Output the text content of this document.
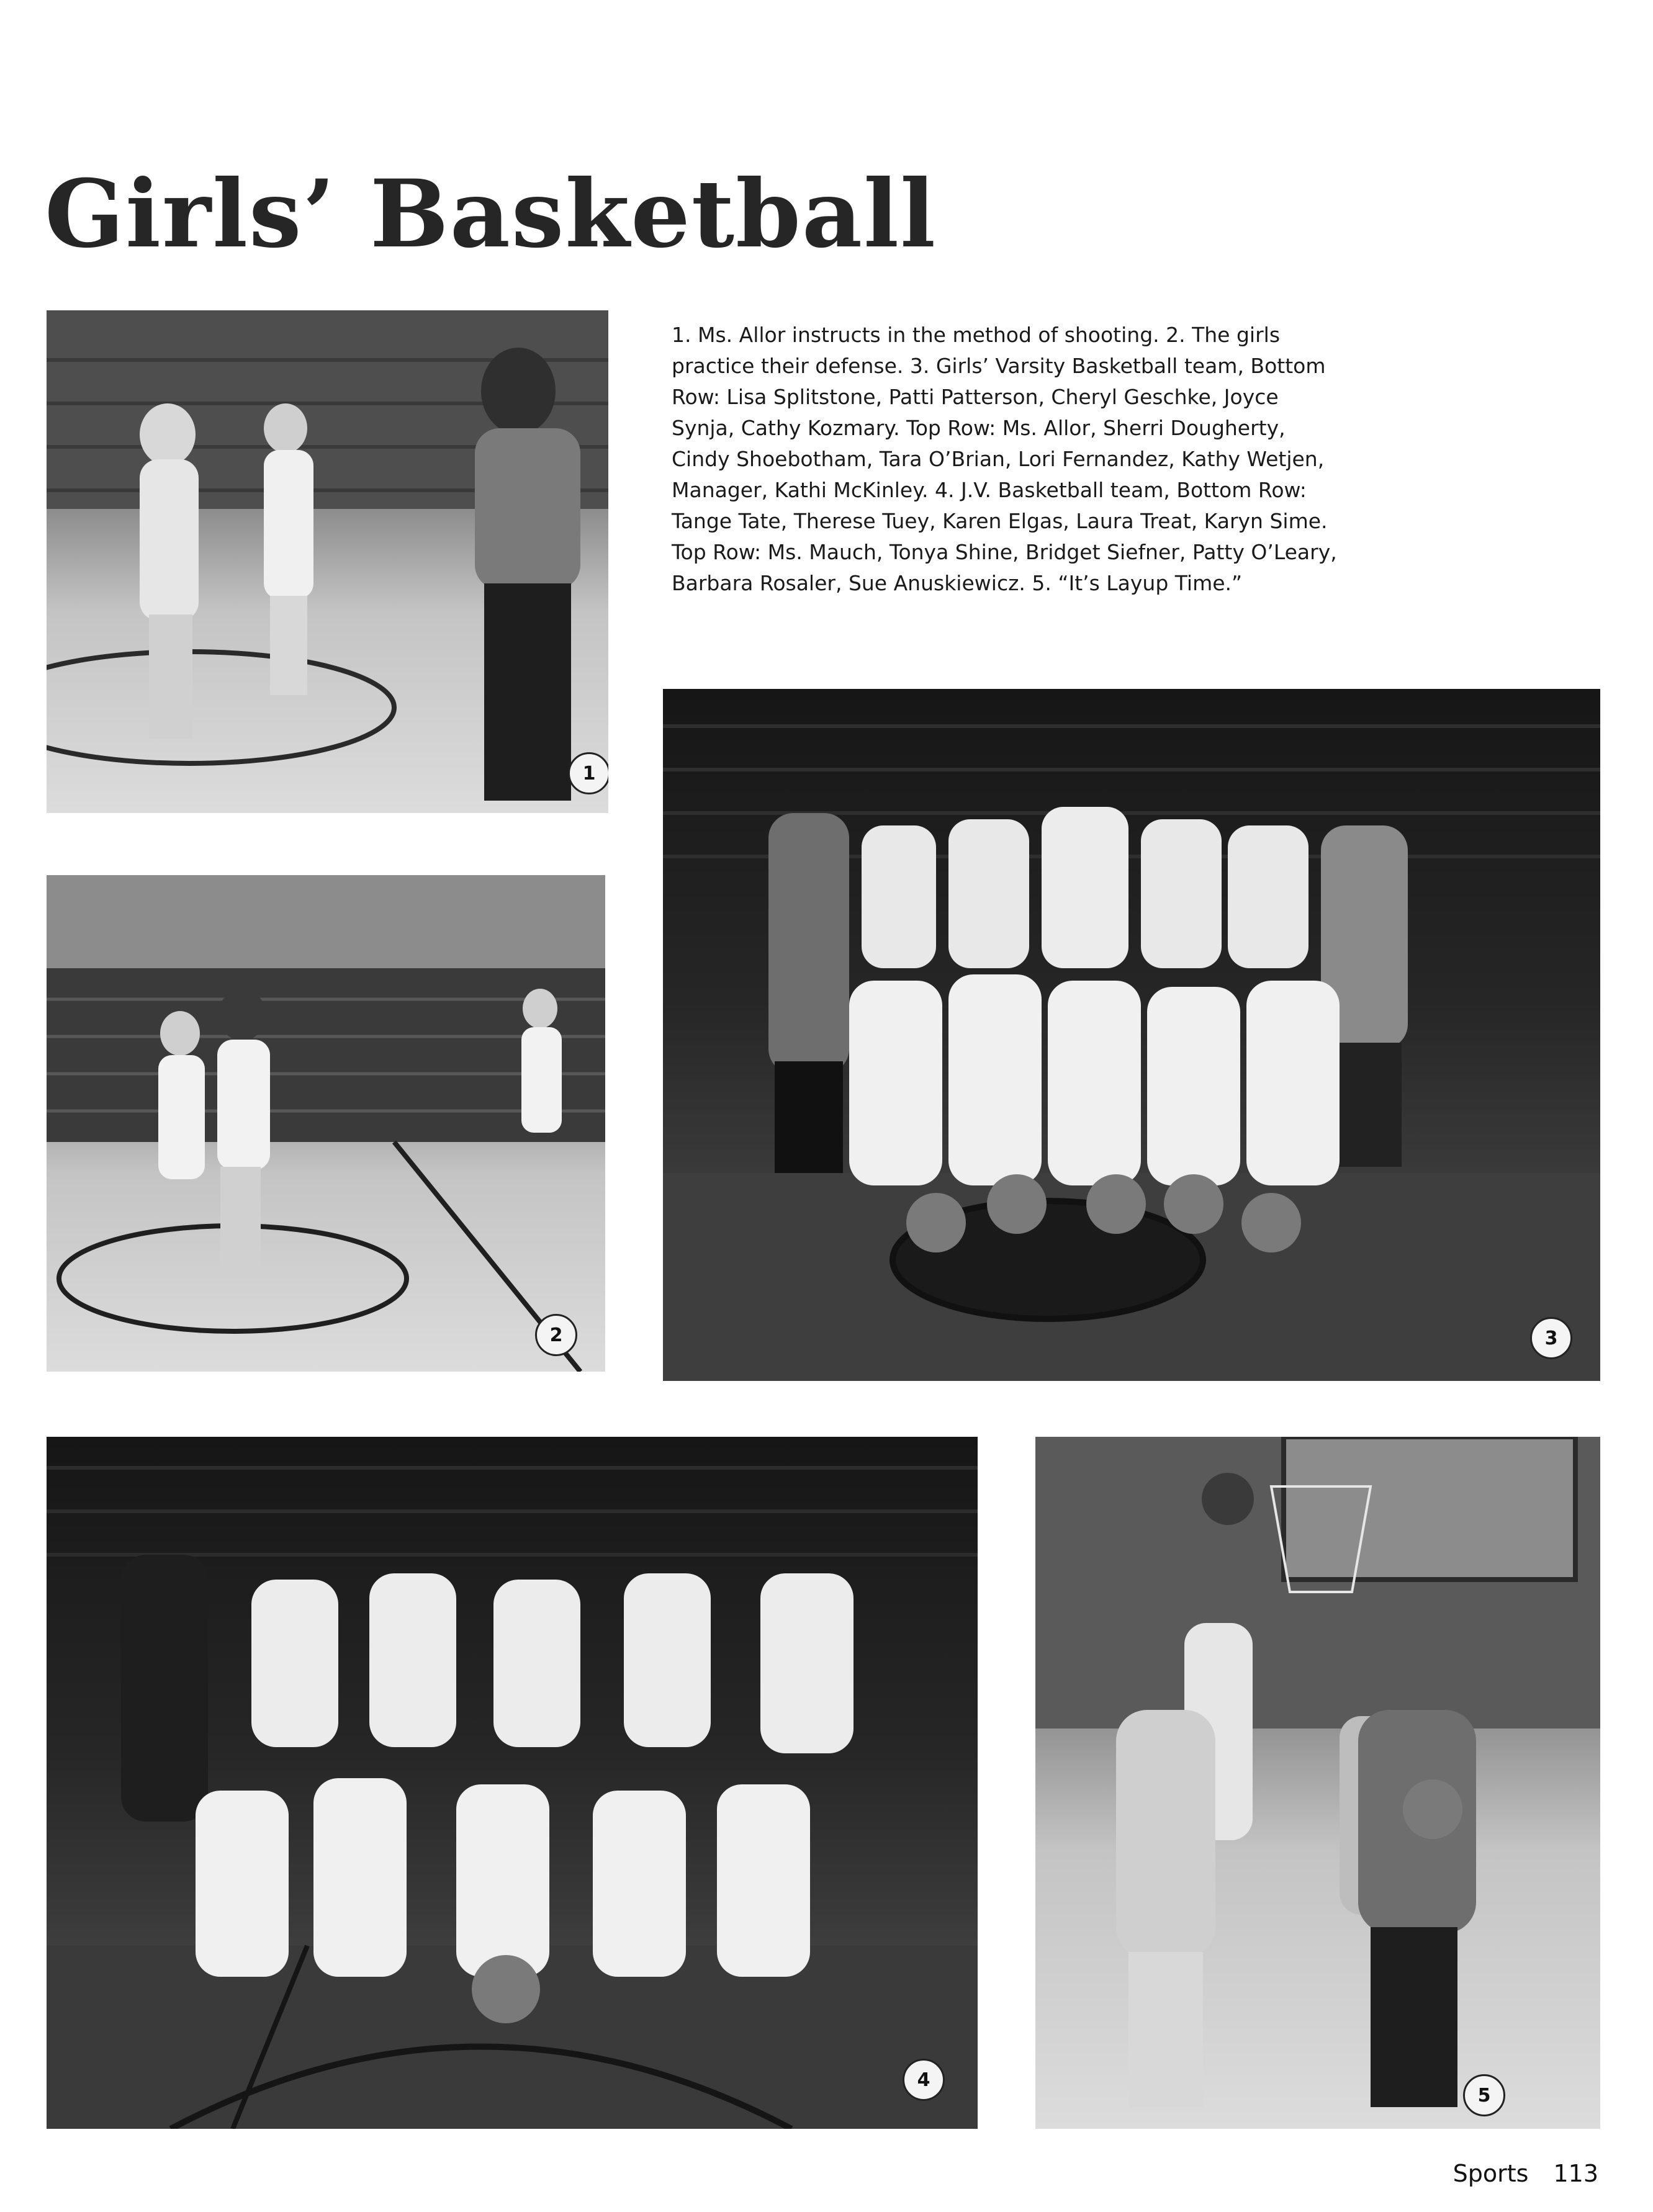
Girls’ Basketball
1. Ms. Allor instructs in the method of shooting. 2. The girls practice their defense. 3. Girls’ Varsity Basketball team, Bottom Row: Lisa Splitstone, Patti Patterson, Cheryl Geschke, Joyce Synja, Cathy Kozmary. Top Row: Ms. Allor, Sherri Dougherty, Cindy Shoebotham, Tara O’Brian, Lori Fernandez, Kathy Wetjen, Manager, Kathi McKinley. 4. J.V. Basketball team, Bottom Row: Tange Tate, Therese Tuey, Karen Elgas, Laura Treat, Karyn Sime. Top Row: Ms. Mauch, Tonya Shine, Bridget Siefner, Patty O’Leary, Barbara Rosaler, Sue Anuskiewicz. 5. “It’s Layup Time.”
1
2	3
4
5
Sports 113
